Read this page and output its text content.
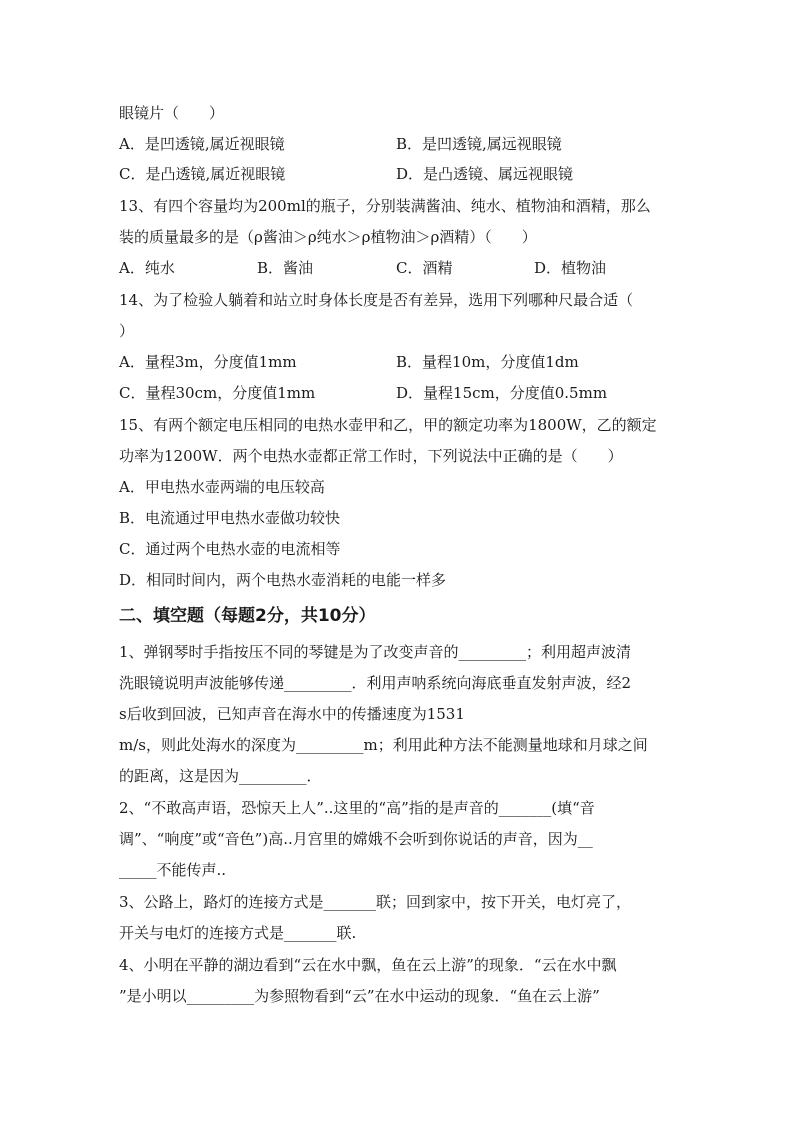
眼镜片（　　）
A．是凹透镜,属近视眼镜	B．是凹透镜,属远视眼镜
C．是凸透镜,属近视眼镜	D．是凸透镜、属远视眼镜
13、有四个容量均为200ml的瓶子，分别装满酱油、纯水、植物油和酒精，那么
装的质量最多的是（ρ酱油＞ρ纯水＞ρ植物油＞ρ酒精）（　　）
A．纯水	B．酱油	C．酒精	D．植物油
14、为了检验人躺着和站立时身体长度是否有差异，选用下列哪种尺最合适（
）
A．量程3m，分度值1mm	B．量程10m，分度值1dm
C．量程30cm，分度值1mm	D．量程15cm，分度值0.5mm
15、有两个额定电压相同的电热水壶甲和乙，甲的额定功率为1800W，乙的额定
功率为1200W．两个电热水壶都正常工作时，下列说法中正确的是（　　）
A．甲电热水壶两端的电压较高
B．电流通过甲电热水壶做功较快
C．通过两个电热水壶的电流相等
D．相同时间内，两个电热水壶消耗的电能一样多
二、填空题（每题2分，共10分）
1、弹钢琴时手指按压不同的琴键是为了改变声音的_________；利用超声波清
洗眼镜说明声波能够传递_________．利用声呐系统向海底垂直发射声波，经2
s后收到回波，已知声音在海水中的传播速度为1531
m/s，则此处海水的深度为_________m；利用此种方法不能测量地球和月球之间
的距离，这是因为_________．
2、“不敢高声语，恐惊天上人”..这里的“高”指的是声音的_______(填“音
调”、“响度”或“音色”)高..月宫里的嫦娥不会听到你说话的声音，因为__
_____不能传声..
3、公路上，路灯的连接方式是_______联；回到家中，按下开关，电灯亮了，
开关与电灯的连接方式是_______联.
4、小明在平静的湖边看到“云在水中飘，鱼在云上游”的现象．“云在水中飘
”是小明以_________为参照物看到“云”在水中运动的现象．“鱼在云上游”
